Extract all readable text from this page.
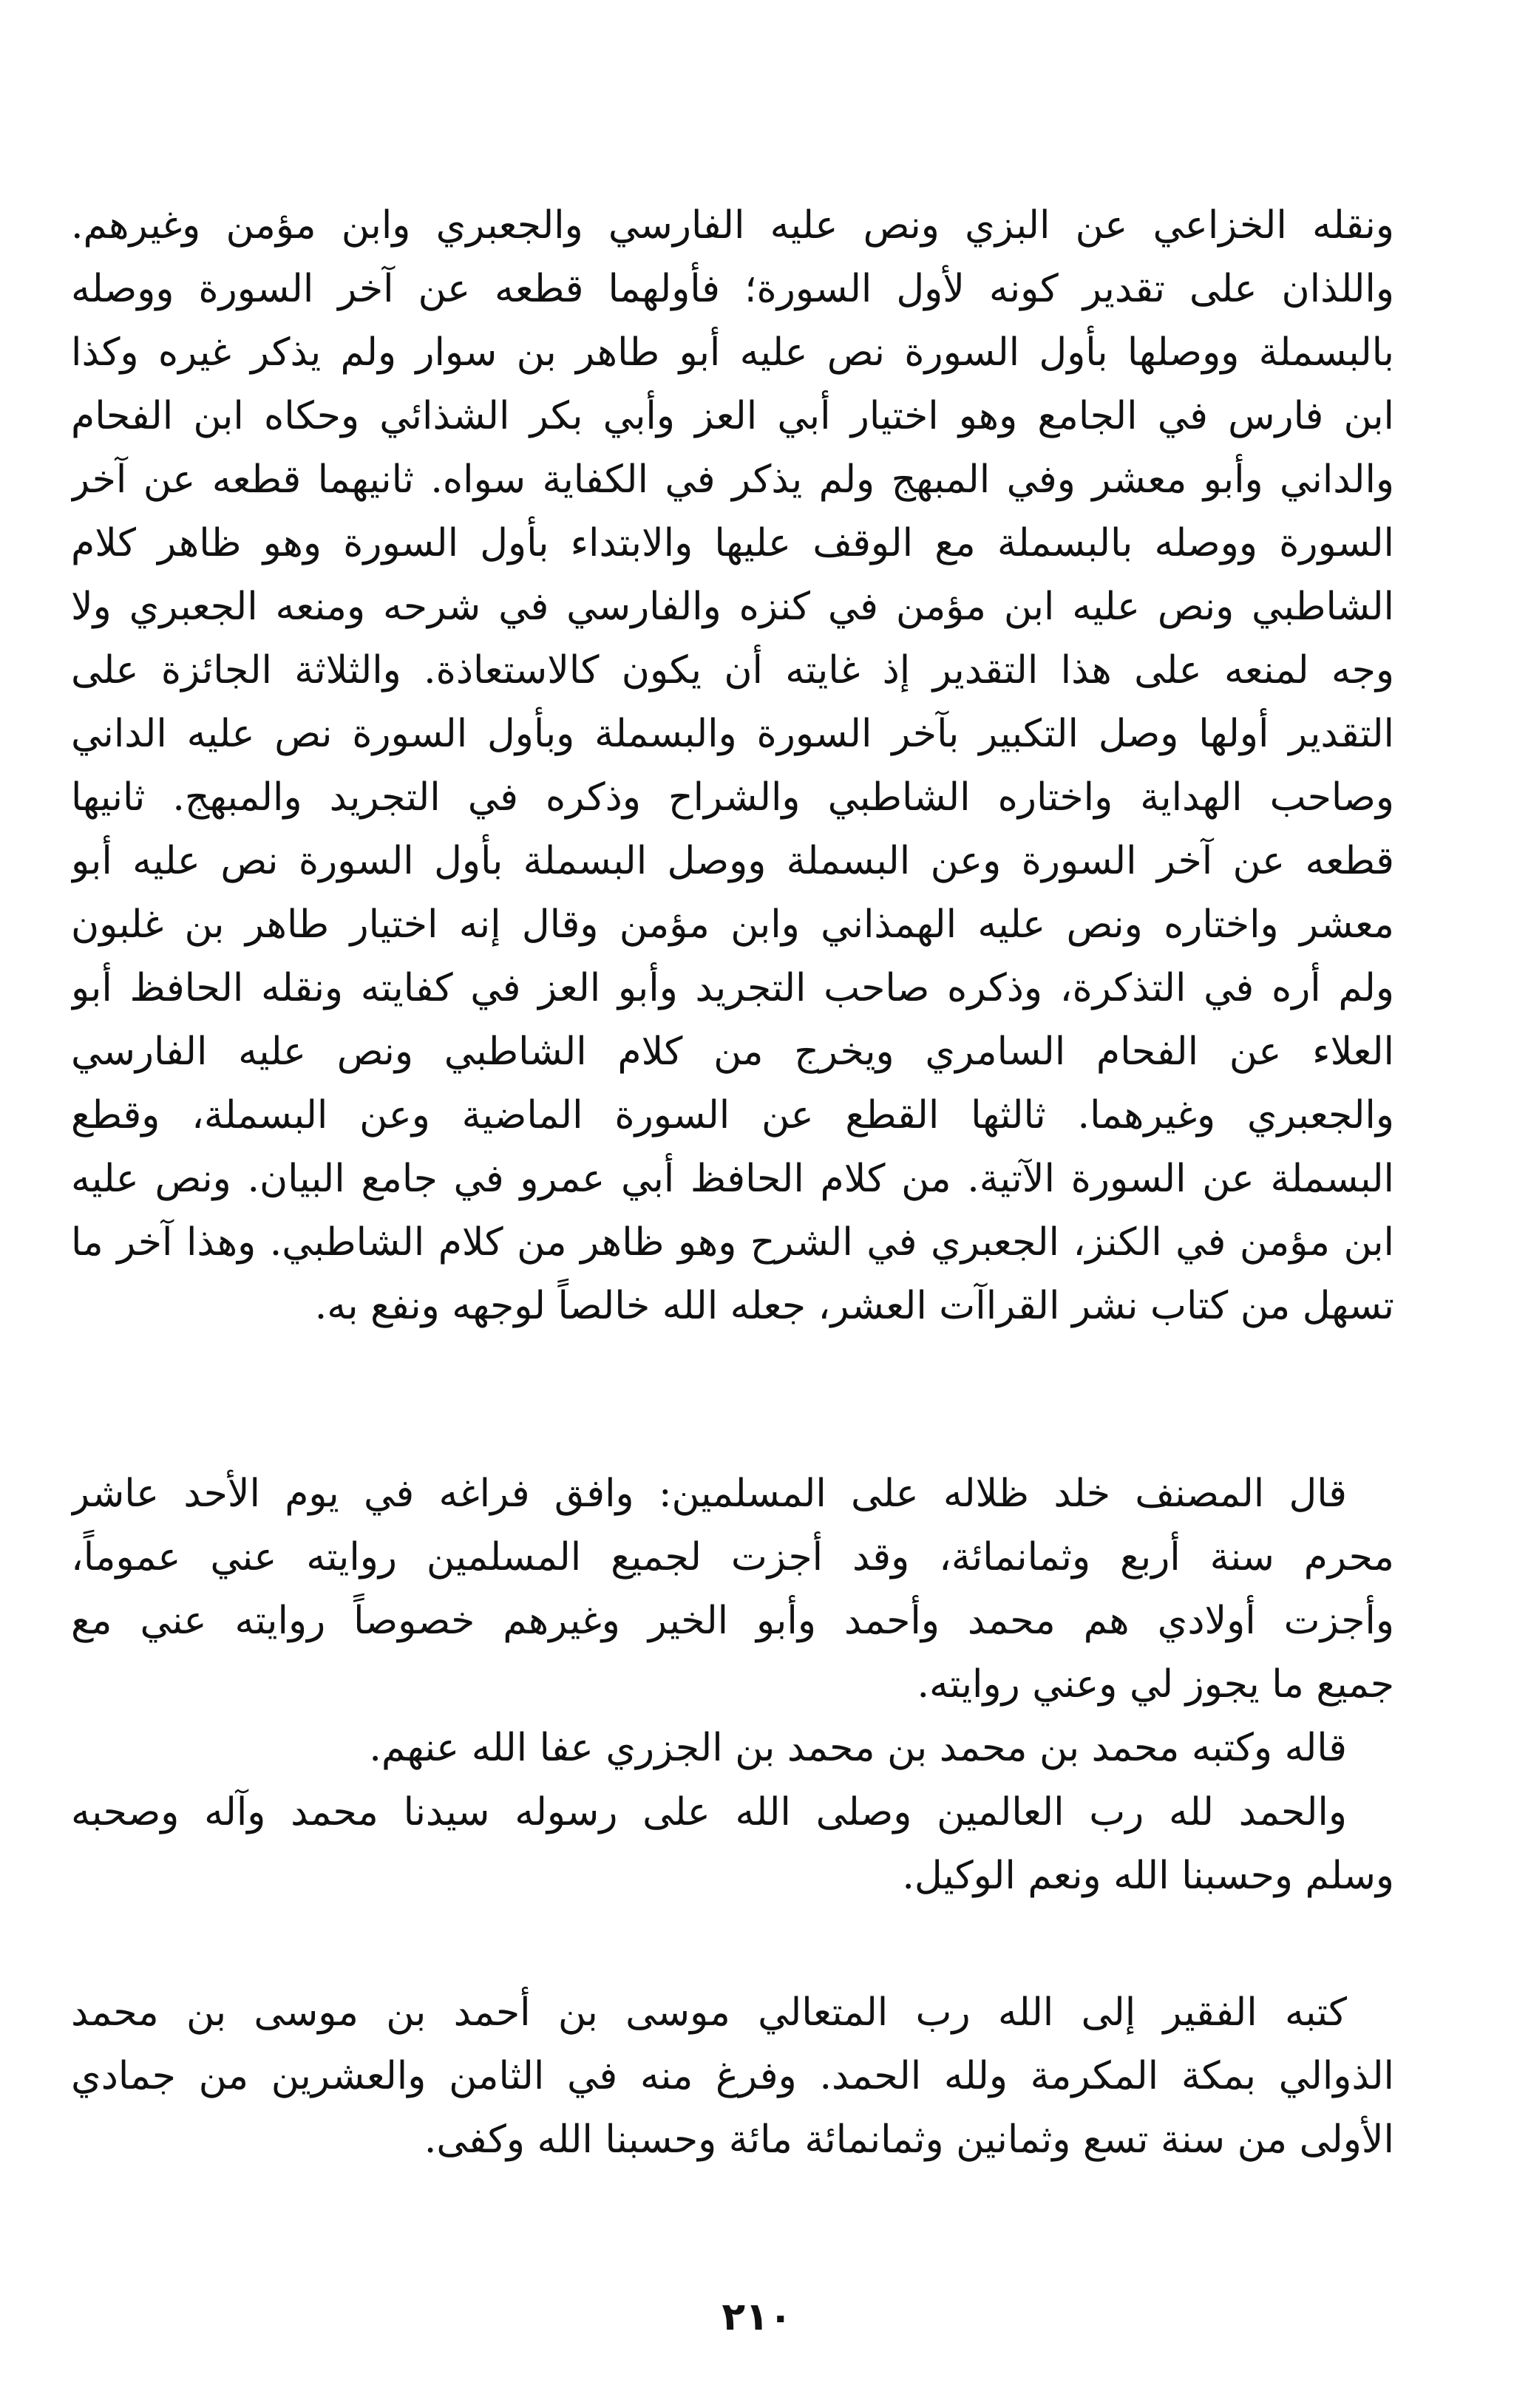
ونقله الخزاعي عن البزي ونص عليه الفارسي والجعبري وابن مؤمن وغيرهم.
واللذان على تقدير كونه لأول السورة؛ فأولهما قطعه عن آخر السورة ووصله
بالبسملة ووصلها بأول السورة نص عليه أبو طاهر بن سوار ولم يذكر غيره وكذا
ابن فارس في الجامع وهو اختيار أبي العز وأبي بكر الشذائي وحكاه ابن الفحام
والداني وأبو معشر وفي المبهج ولم يذكر في الكفاية سواه. ثانيهما قطعه عن آخر
السورة ووصله بالبسملة مع الوقف عليها والابتداء بأول السورة وهو ظاهر كلام
الشاطبي ونص عليه ابن مؤمن في كنزه والفارسي في شرحه ومنعه الجعبري ولا
وجه لمنعه على هذا التقدير إذ غايته أن يكون كالاستعاذة. والثلاثة الجائزة على
التقدير أولها وصل التكبير بآخر السورة والبسملة وبأول السورة نص عليه الداني
وصاحب الهداية واختاره الشاطبي والشراح وذكره في التجريد والمبهج. ثانيها
قطعه عن آخر السورة وعن البسملة ووصل البسملة بأول السورة نص عليه أبو
معشر واختاره ونص عليه الهمذاني وابن مؤمن وقال إنه اختيار طاهر بن غلبون
ولم أره في التذكرة، وذكره صاحب التجريد وأبو العز في كفايته ونقله الحافظ أبو
العلاء عن الفحام السامري ويخرج من كلام الشاطبي ونص عليه الفارسي
والجعبري وغيرهما. ثالثها القطع عن السورة الماضية وعن البسملة، وقطع
البسملة عن السورة الآتية. من كلام الحافظ أبي عمرو في جامع البيان. ونص عليه
ابن مؤمن في الكنز، الجعبري في الشرح وهو ظاهر من كلام الشاطبي. وهذا آخر ما
تسهل من كتاب نشر القراآت العشر، جعله الله خالصاً لوجهه ونفع به.
قال المصنف خلد ظلاله على المسلمين: وافق فراغه في يوم الأحد عاشر
محرم سنة أربع وثمانمائة، وقد أجزت لجميع المسلمين روايته عني عموماً،
وأجزت أولادي هم محمد وأحمد وأبو الخير وغيرهم خصوصاً روايته عني مع
جميع ما يجوز لي وعني روايته.
قاله وكتبه محمد بن محمد بن محمد بن الجزري عفا الله عنهم.
والحمد لله رب العالمين وصلى الله على رسوله سيدنا محمد وآله وصحبه
وسلم وحسبنا الله ونعم الوكيل.
كتبه الفقير إلى الله رب المتعالي موسى بن أحمد بن موسى بن محمد
الذوالي بمكة المكرمة ولله الحمد. وفرغ منه في الثامن والعشرين من جمادي
الأولى من سنة تسع وثمانين وثمانمائة مائة وحسبنا الله وكفى.
٢١٠
